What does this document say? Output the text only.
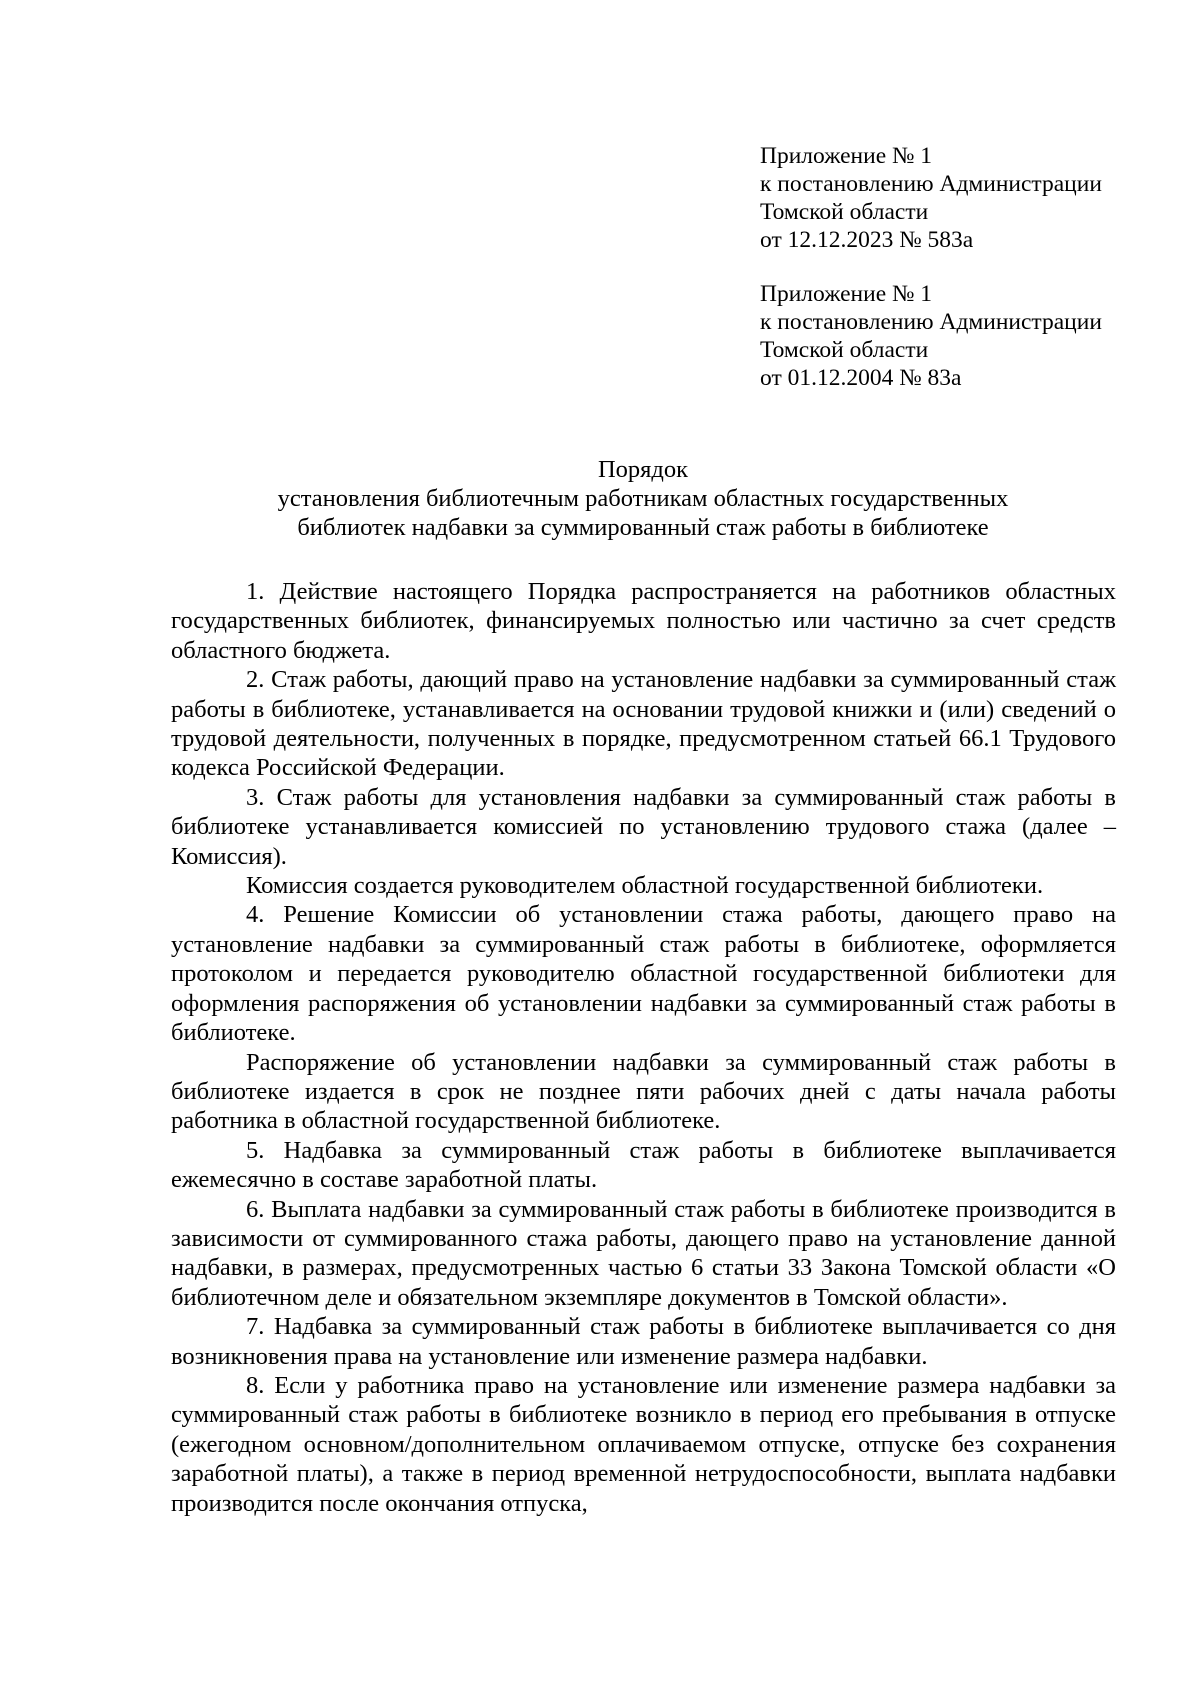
Приложение № 1
к постановлению Администрации
Томской области
от 12.12.2023 № 583а
Приложение № 1
к постановлению Администрации
Томской области
от 01.12.2004 № 83а
Порядок
установления библиотечным работникам областных государственных
библиотек надбавки за суммированный стаж работы в библиотеке

1. Действие настоящего Порядка распространяется на работников областных государственных библиотек, финансируемых полностью или частично за счет средств областного бюджета.

2. Стаж работы, дающий право на установление надбавки за суммированный стаж работы в библиотеке, устанавливается на основании трудовой книжки и (или) сведений о трудовой деятельности, полученных в порядке, предусмотренном статьей 66.1 Трудового кодекса Российской Федерации.

3. Стаж работы для установления надбавки за суммированный стаж работы в библиотеке устанавливается комиссией по установлению трудового стажа (далее – Комиссия).

Комиссия создается руководителем областной государственной библиотеки.

4. Решение Комиссии об установлении стажа работы, дающего право на установление надбавки за суммированный стаж работы в библиотеке, оформляется протоколом и передается руководителю областной государственной библиотеки для оформления распоряжения об установлении надбавки за суммированный стаж работы в библиотеке.

Распоряжение об установлении надбавки за суммированный стаж работы в библиотеке издается в срок не позднее пяти рабочих дней с даты начала работы работника в областной государственной библиотеке.

5. Надбавка за суммированный стаж работы в библиотеке выплачивается ежемесячно в составе заработной платы.

6. Выплата надбавки за суммированный стаж работы в библиотеке производится в зависимости от суммированного стажа работы, дающего право на установление данной надбавки, в размерах, предусмотренных частью 6 статьи 33 Закона Томской области «О библиотечном деле и обязательном экземпляре документов в Томской области».

7. Надбавка за суммированный стаж работы в библиотеке выплачивается со дня возникновения права на установление или изменение размера надбавки.

8. Если у работника право на установление или изменение размера надбавки за суммированный стаж работы в библиотеке возникло в период его пребывания в отпуске (ежегодном основном/дополнительном оплачиваемом отпуске, отпуске без сохранения заработной платы), а также в период временной нетрудоспособности, выплата надбавки производится после окончания отпуска,
